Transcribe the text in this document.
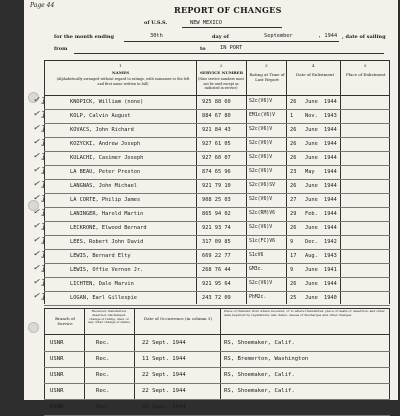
Page 44	REPORT OF CHANGES
of U.S.S.	NEW MEXICO
for the month ending	30th	day of	September	, 1944 , date of sailing
from	to	IN PORT
1	2	3	4	5
NAMES
(Alphabetically arranged without regard to ratings, with surnames to the left and first name written in full)
SERVICE NUMBER
(Nine service numbers must not be used except as indicated in service)
Rating at Time of Last Report
Date of Enlistment	Place of Enlistment
✓1	KNOPICK, William (none)	925 88 60	S2c(V6)V	26 June 1944
✓1	KOLP, Calvin August	884 67 80	EM1c(V6)V	1 Nov. 1943
✓1	KOVACS, John Richard	921 84 43	S2c(V6)V	26 June 1944
✓1	KOZYCKI, Andrew Joseph	927 61 05	S2c(V6)V	26 June 1944
✓1	KULACHI, Casimer Joseph	927 60 07	S2c(V6)V	26 June 1944
✓1	LA BEAU, Peter Preston	874 65 96	S2c(V6)V	23 May 1944
✓1	LANGNAS, John Michael	921 79 10	S2c(V6)SV	26 June 1944
✓1	LA CORTE, Philip James	908 25 03	S2c(V6)V	27 June 1944
✓1	LANINGER, Harold Martin	865 94 02	S2c(RM)V6	29 Feb. 1944
✓1	LECKRONE, Elwood Bernard	921 93 74	S2c(V6)V	26 June 1944
✓1	LEES, Robert John David	317 09 85	S1c(FC)V6	9 Dec. 1942
✓1	LEWIS, Bernard Elty	669 22 77	S1cV6	17 Aug. 1943
✓1	LEWIS, Offie Vernon Jr.	268 76 44	GM3c.	9 June 1941
✓1	LICHTEN, Dale Marvin	921 95 64	S2c(V6)V	26 June 1944
✓1	LOGAN, Earl Gillespie	243 72 09	PhM2c.	25 June 1940
Branch of Service
Received, transferred, deserted, discharged, change of rating, died, or any other change of status
Date of Occurrence (in column 3)
Place of transfer, from where received, or to where transferred, place of death or desertion, and other data required by regulations; also dates, causes of discharges and other changes
USNR	Rec.	22 Sept. 1944	RS, Shoemaker, Calif.
USNR	Rec.	11 Sept. 1944	RS, Bremerton, Washington
USNR	Rec.	22 Sept. 1944	RS, Shoemaker, Calif.
USNR	Rec.	22 Sept. 1944	RS, Shoemaker, Calif.
USNR	Rec.	22 Sept. 1944
